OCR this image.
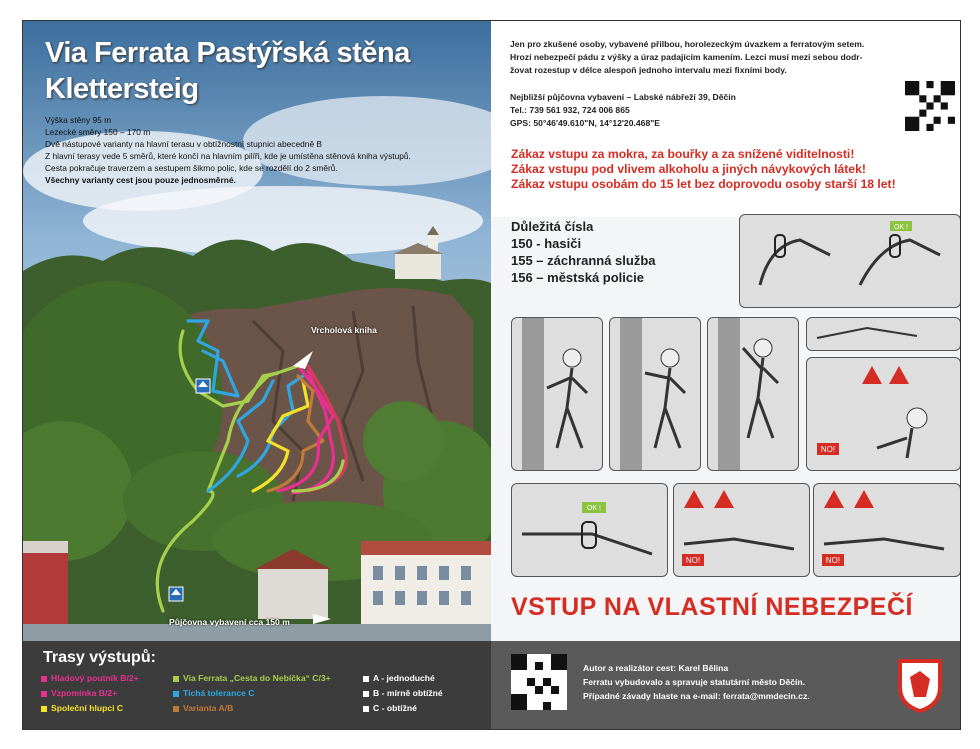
Via Ferrata Pastýřská stěna
Klettersteig
Výška stěny 95 m
Lezecké směry 150 – 170 m
Dvě nástupové varianty na hlavní terasu v obtížnostní stupnici abecedně B
Z hlavní terasy vede 5 směrů, které končí na hlavním pilíři, kde je umístěna stěnová kniha výstupů.
Cesta pokračuje traverzem a sestupem šikmo polic, kde se rozdělí do 2 směrů.
Všechny varianty cest jsou pouze jednosměrné.
Vrcholová kniha
Půjčovna vybavení cca 150 m
Trasy výstupů:
Hladový poutník B/2+
Vzpomínka B/2+
Společní hlupci C
Via Ferrata „Cesta do Nebíčka“ C/3+
Tichá tolerance C
Varianta A/B
A - jednoduché
B - mírně obtížné
C - obtížné
Jen pro zkušené osoby, vybavené přilbou, horolezeckým úvazkem a ferratovým setem.
Hrozí nebezpečí pádu z výšky a úraz padajícím kamením. Lezci musí mezi sebou dodr-
žovat rozestup v délce alespoň jednoho intervalu mezi fixními body.
Nejbližší půjčovna vybavení – Labské nábřeží 39, Děčín
Tel.: 739 561 932, 724 006 865
GPS: 50°46'49.610"N, 14°12'20.468"E
Zákaz vstupu za mokra, za bouřky a za snížené viditelnosti!
Zákaz vstupu pod vlivem alkoholu a jiných návykových látek!
Zákaz vstupu osobám do 15 let bez doprovodu osoby starší 18 let!
Důležitá čísla
150 - hasiči
155 – záchranná služba
156 – městská policie
OK !
NO!
OK !
NO!	NO!
VSTUP NA VLASTNÍ NEBEZPEČÍ
Autor a realizátor cest: Karel Bělina
Ferratu vybudovalo a spravuje statutární město Děčín.
Případné závady hlaste na e-mail: ferrata@mmdecin.cz.
